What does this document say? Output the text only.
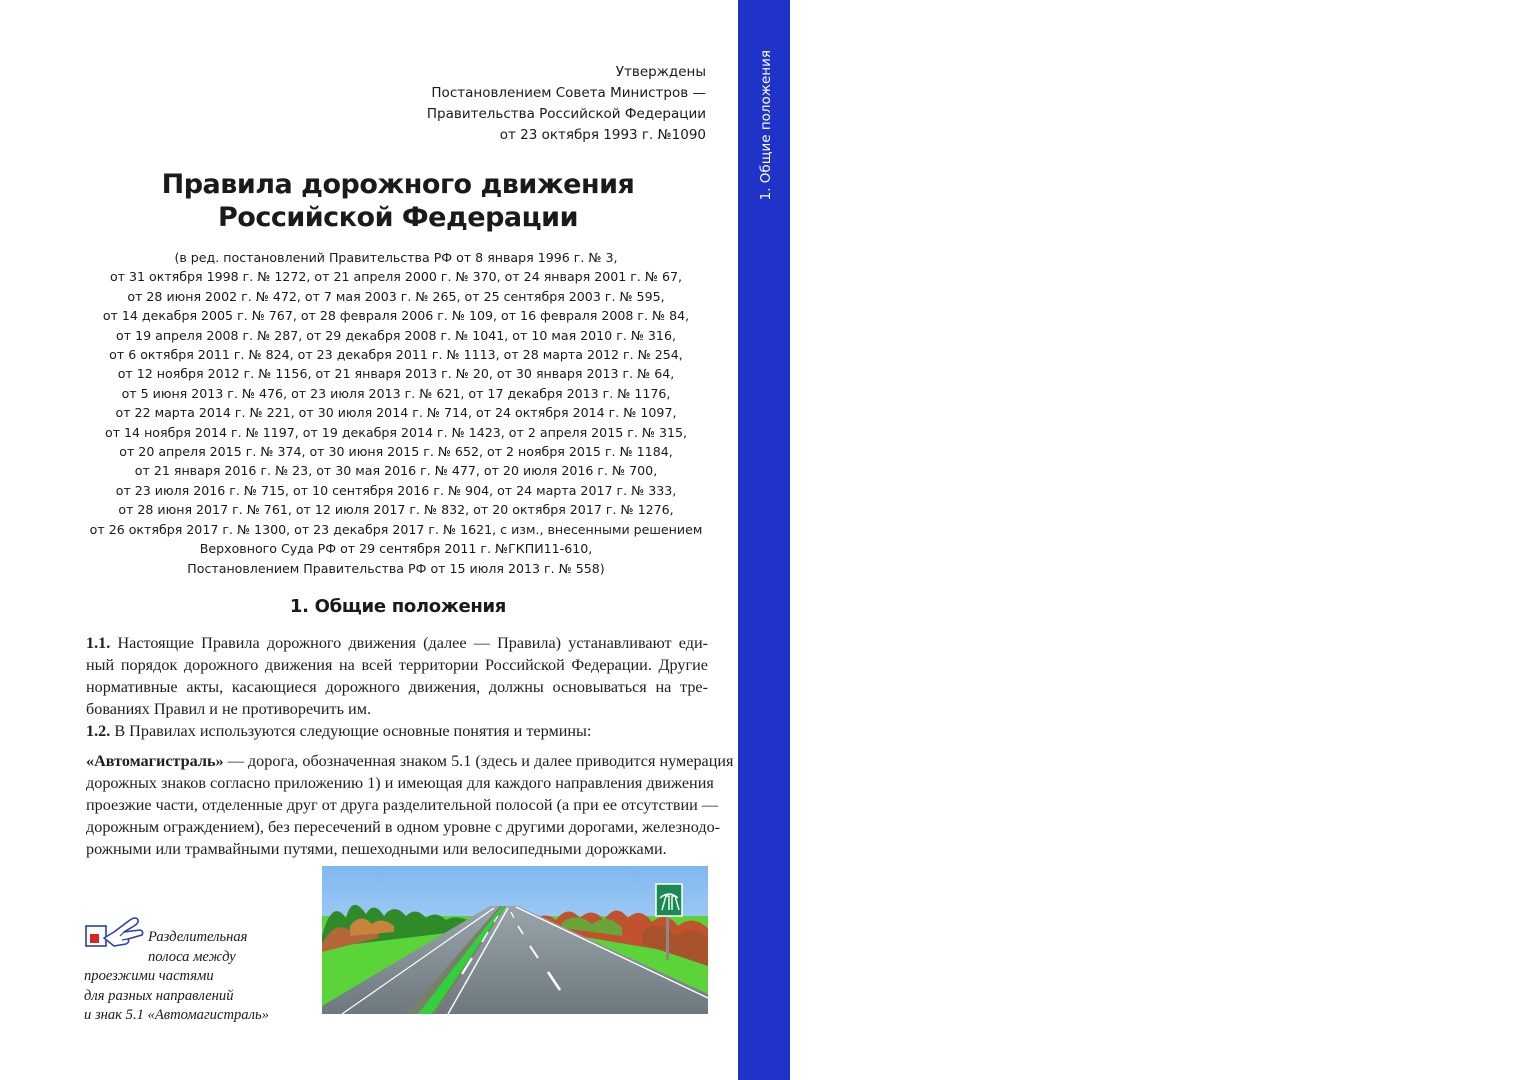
1. Общие положения
5
Утверждены
Постановлением Совета Министров —
Правительства Российской Федерации
от 23 октября 1993 г. №1090
Правила дорожного движения
Российской Федерации
(в ред. постановлений Правительства РФ от 8 января 1996 г. № 3,
от 31 октября 1998 г. № 1272, от 21 апреля 2000 г. № 370, от 24 января 2001 г. № 67,
от 28 июня 2002 г. № 472, от 7 мая 2003 г. № 265, от 25 сентября 2003 г. № 595,
от 14 декабря 2005 г. № 767, от 28 февраля 2006 г. № 109, от 16 февраля 2008 г. № 84,
от 19 апреля 2008 г. № 287, от 29 декабря 2008 г. № 1041, от 10 мая 2010 г. № 316,
от 6 октября 2011 г. № 824, от 23 декабря 2011 г. № 1113, от 28 марта 2012 г. № 254,
от 12 ноября 2012 г. № 1156, от 21 января 2013 г. № 20, от 30 января 2013 г. № 64,
от 5 июня 2013 г. № 476, от 23 июля 2013 г. № 621, от 17 декабря 2013 г. № 1176,
от 22 марта 2014 г. № 221, от 30 июля 2014 г. № 714, от 24 октября 2014 г. № 1097,
от 14 ноября 2014 г. № 1197, от 19 декабря 2014 г. № 1423, от 2 апреля 2015 г. № 315,
от 20 апреля 2015 г. № 374, от 30 июня 2015 г. № 652, от 2 ноября 2015 г. № 1184,
от 21 января 2016 г. № 23, от 30 мая 2016 г. № 477, от 20 июля 2016 г. № 700,
от 23 июля 2016 г. № 715, от 10 сентября 2016 г. № 904, от 24 марта 2017 г. № 333,
от 28 июня 2017 г. № 761, от 12 июля 2017 г. № 832, от 20 октября 2017 г. № 1276,
от 26 октября 2017 г. № 1300, от 23 декабря 2017 г. № 1621, с изм., внесенными решением
Верховного Суда РФ от 29 сентября 2011 г. №ГКПИ11-610,
Постановлением Правительства РФ от 15 июля 2013 г. № 558)
1. Общие положения
1.1. Настоящие Правила дорожного движения (далее — Правила) устанавливают еди-
ный порядок дорожного движения на всей территории Российской Федерации. Другие
нормативные акты, касающиеся дорожного движения, должны основываться на тре-
бованиях Правил и не противоречить им.
1.2. В Правилах используются следующие основные понятия и термины:
«Автомагистраль» — дорога, обозначенная знаком 5.1 (здесь и далее приводится нумерация
дорожных знаков согласно приложению 1) и имеющая для каждого направления движения
проезжие части, отделенные друг от друга разделительной полосой (а при ее отсутствии —
дорожным ограждением), без пересечений в одном уровне с другими дорогами, железнодо-
рожными или трамвайными путями, пешеходными или велосипедными дорожками.
Разделительная
полоса между
проезжими частями
для разных направлений
и знак 5.1 «Автомагистраль»
